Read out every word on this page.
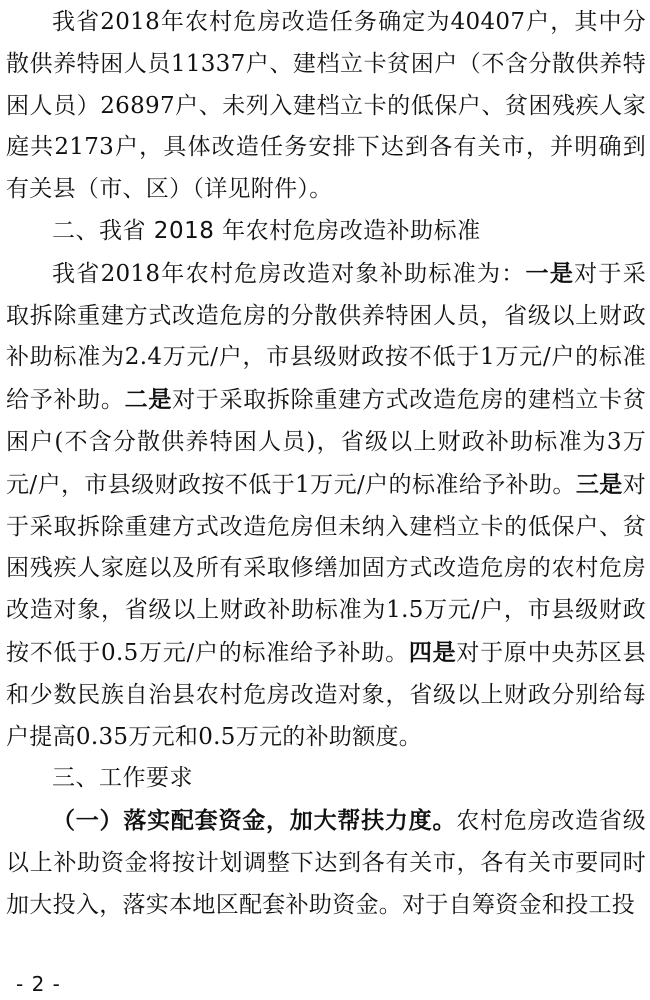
我省2018年农村危房改造任务确定为40407户，其中分散供养特困人员11337户、建档立卡贫困户（不含分散供养特困人员）26897户、未列入建档立卡的低保户、贫困残疾人家庭共2173户，具体改造任务安排下达到各有关市，并明确到有关县（市、区）（详见附件）。

二、我省 2018 年农村危房改造补助标准

我省2018年农村危房改造对象补助标准为：一是对于采取拆除重建方式改造危房的分散供养特困人员，省级以上财政补助标准为2.4万元/户，市县级财政按不低于1万元/户的标准给予补助。二是对于采取拆除重建方式改造危房的建档立卡贫困户(不含分散供养特困人员)，省级以上财政补助标准为3万元/户，市县级财政按不低于1万元/户的标准给予补助。三是对于采取拆除重建方式改造危房但未纳入建档立卡的低保户、贫困残疾人家庭以及所有采取修缮加固方式改造危房的农村危房改造对象，省级以上财政补助标准为1.5万元/户，市县级财政按不低于0.5万元/户的标准给予补助。四是对于原中央苏区县和少数民族自治县农村危房改造对象，省级以上财政分别给每户提高0.35万元和0.5万元的补助额度。

三、工作要求

（一）落实配套资金，加大帮扶力度。农村危房改造省级以上补助资金将按计划调整下达到各有关市，各有关市要同时加大投入，落实本地区配套补助资金。对于自筹资金和投工投

- 2 -
